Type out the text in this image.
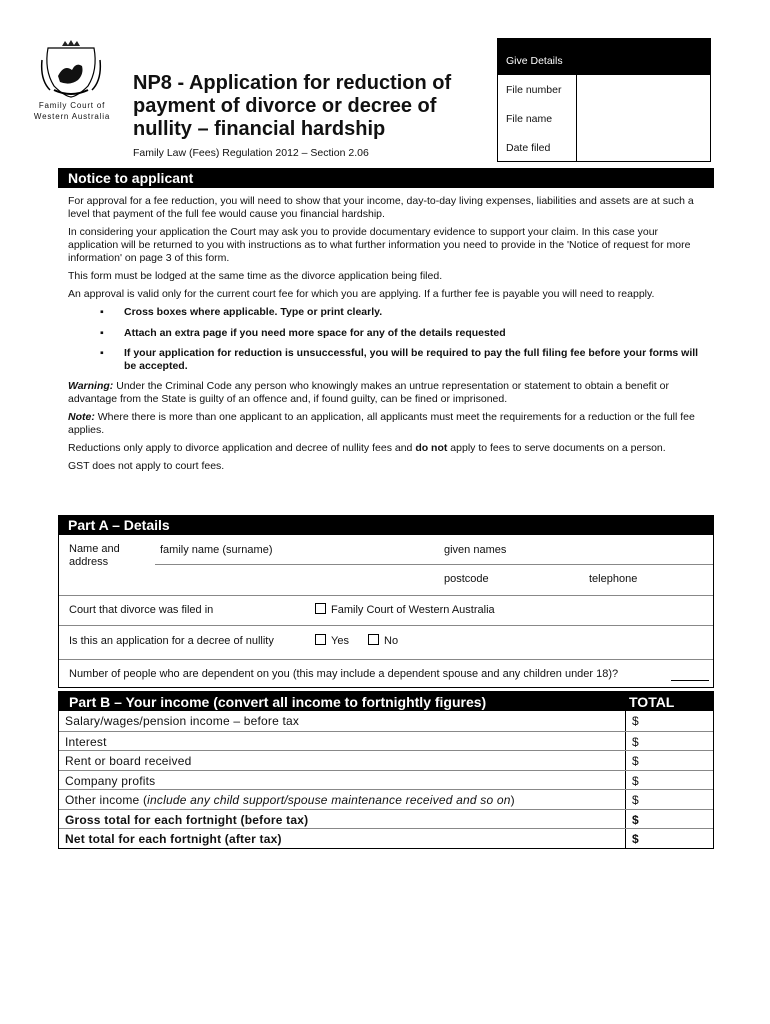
Family Court of Western Australia
NP8 - Application for reduction of payment of divorce or decree of nullity – financial hardship
Family Law (Fees) Regulation 2012 – Section 2.06
Give Details
File number
File name
Date filed
Notice to applicant
For approval for a fee reduction, you will need to show that your income, day-to-day living expenses, liabilities and assets are at such a level that payment of the full fee would cause you financial hardship.
In considering your application the Court may ask you to provide documentary evidence to support your claim. In this case your application will be returned to you with instructions as to what further information you need to provide in the 'Notice of request for more information' on page 3 of this form.
This form must be lodged at the same time as the divorce application being filed.
An approval is valid only for the current court fee for which you are applying. If a further fee is payable you will need to reapply.
▪ Cross boxes where applicable. Type or print clearly.
▪ Attach an extra page if you need more space for any of the details requested
▪ If your application for reduction is unsuccessful, you will be required to pay the full filing fee before your forms will be accepted.
Warning: Under the Criminal Code any person who knowingly makes an untrue representation or statement to obtain a benefit or advantage from the State is guilty of an offence and, if found guilty, can be fined or imprisoned.
Note: Where there is more than one applicant to an application, all applicants must meet the requirements for a reduction or the full fee applies.
Reductions only apply to divorce application and decree of nullity fees and do not apply to fees to serve documents on a person.
GST does not apply to court fees.
Part A – Details
Name and address
family name (surname)	given names
postcode	telephone
Court that divorce was filed in	Family Court of Western Australia
Is this an application for a decree of nullity	Yes	No
Number of people who are dependent on you (this may include a dependent spouse and any children under 18)?
Part B – Your income (convert all income to fortnightly figures)	TOTAL
Salary/wages/pension income – before tax	$
Interest	$
Rent or board received	$
Company profits	$
Other income (include any child support/spouse maintenance received and so on)	$
Gross total for each fortnight (before tax)	$
Net total for each fortnight (after tax)	$
